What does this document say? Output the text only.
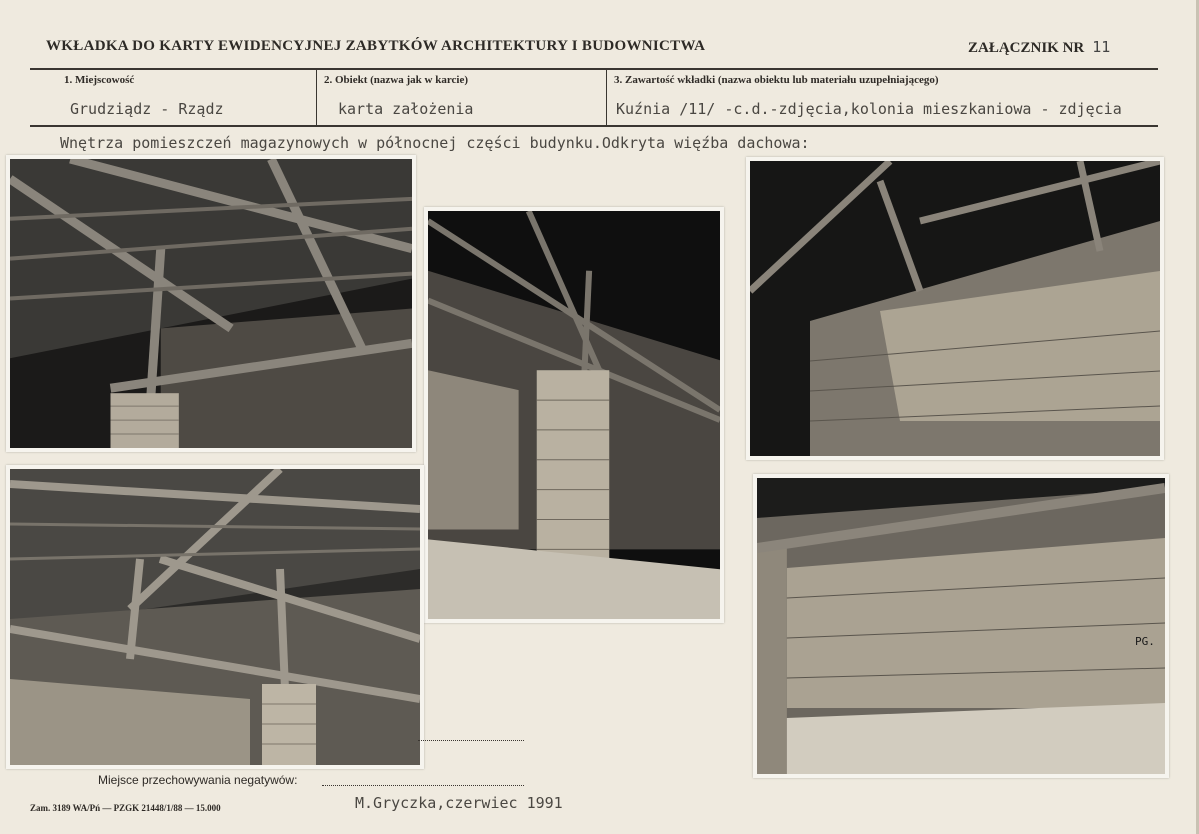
WKŁADKA DO KARTY EWIDENCYJNEJ ZABYTKÓW ARCHITEKTURY I BUDOWNICTWA	ZAŁĄCZNIK NR 11
1. Miejscowość
Grudziądz - Rządz
2. Obiekt (nazwa jak w karcie)
karta założenia
3. Zawartość wkładki (nazwa obiektu lub materiału uzupełniającego)
Kuźnia /11/ -c.d.-zdjęcia,kolonia mieszkaniowa - zdjęcia
Wnętrza pomieszczeń magazynowych w północnej części budynku.Odkryta więźba dachowa:
PG.
Miejsce przechowywania negatywów:
Zam. 3189 WA/Pń — PZGK 21448/1/88 — 15.000	M.Gryczka,czerwiec 1991
